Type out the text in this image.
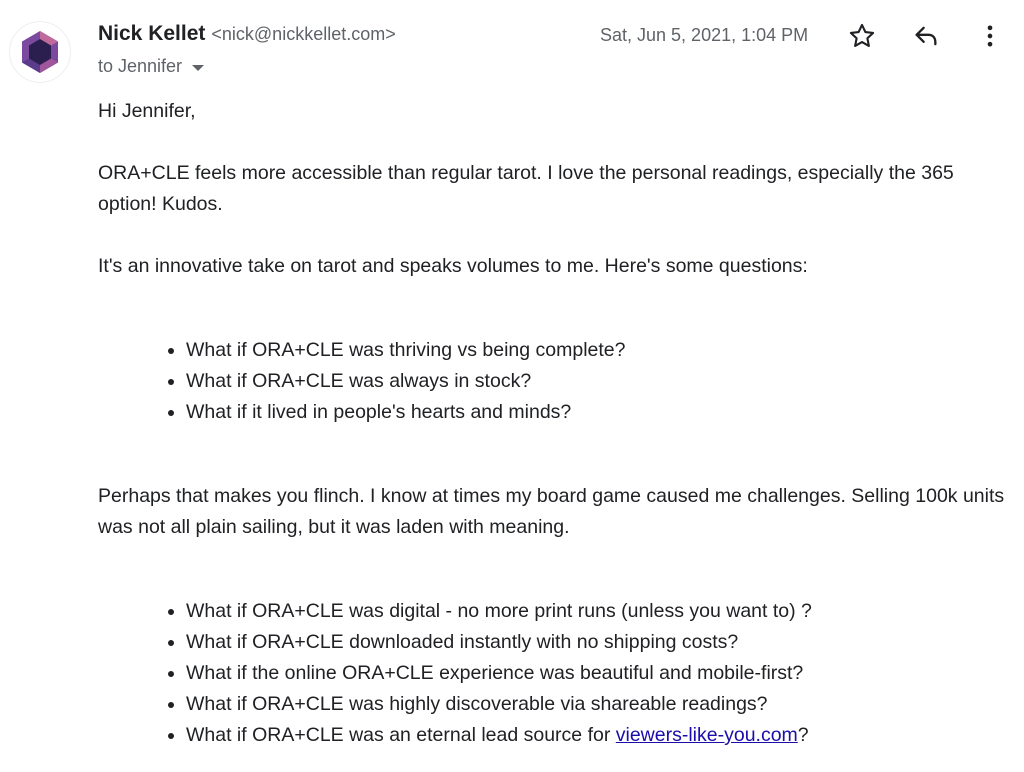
Nick Kellet <nick@nickkellet.com>
to Jennifer
Sat, Jun 5, 2021, 1:04 PM

Hi Jennifer,

ORA+CLE feels more accessible than regular tarot. I love the personal readings, especially the 365 option! Kudos.

It's an innovative take on tarot and speaks volumes to me. Here's some questions:

• What if ORA+CLE was thriving vs being complete?
• What if ORA+CLE was always in stock?
• What if it lived in people's hearts and minds?

Perhaps that makes you flinch. I know at times my board game caused me challenges. Selling 100k units was not all plain sailing, but it was laden with meaning.

• What if ORA+CLE was digital - no more print runs (unless you want to) ?
• What if ORA+CLE downloaded instantly with no shipping costs?
• What if the online ORA+CLE experience was beautiful and mobile-first?
• What if ORA+CLE was highly discoverable via shareable readings?
• What if ORA+CLE was an eternal lead source for viewers-like-you.com?
